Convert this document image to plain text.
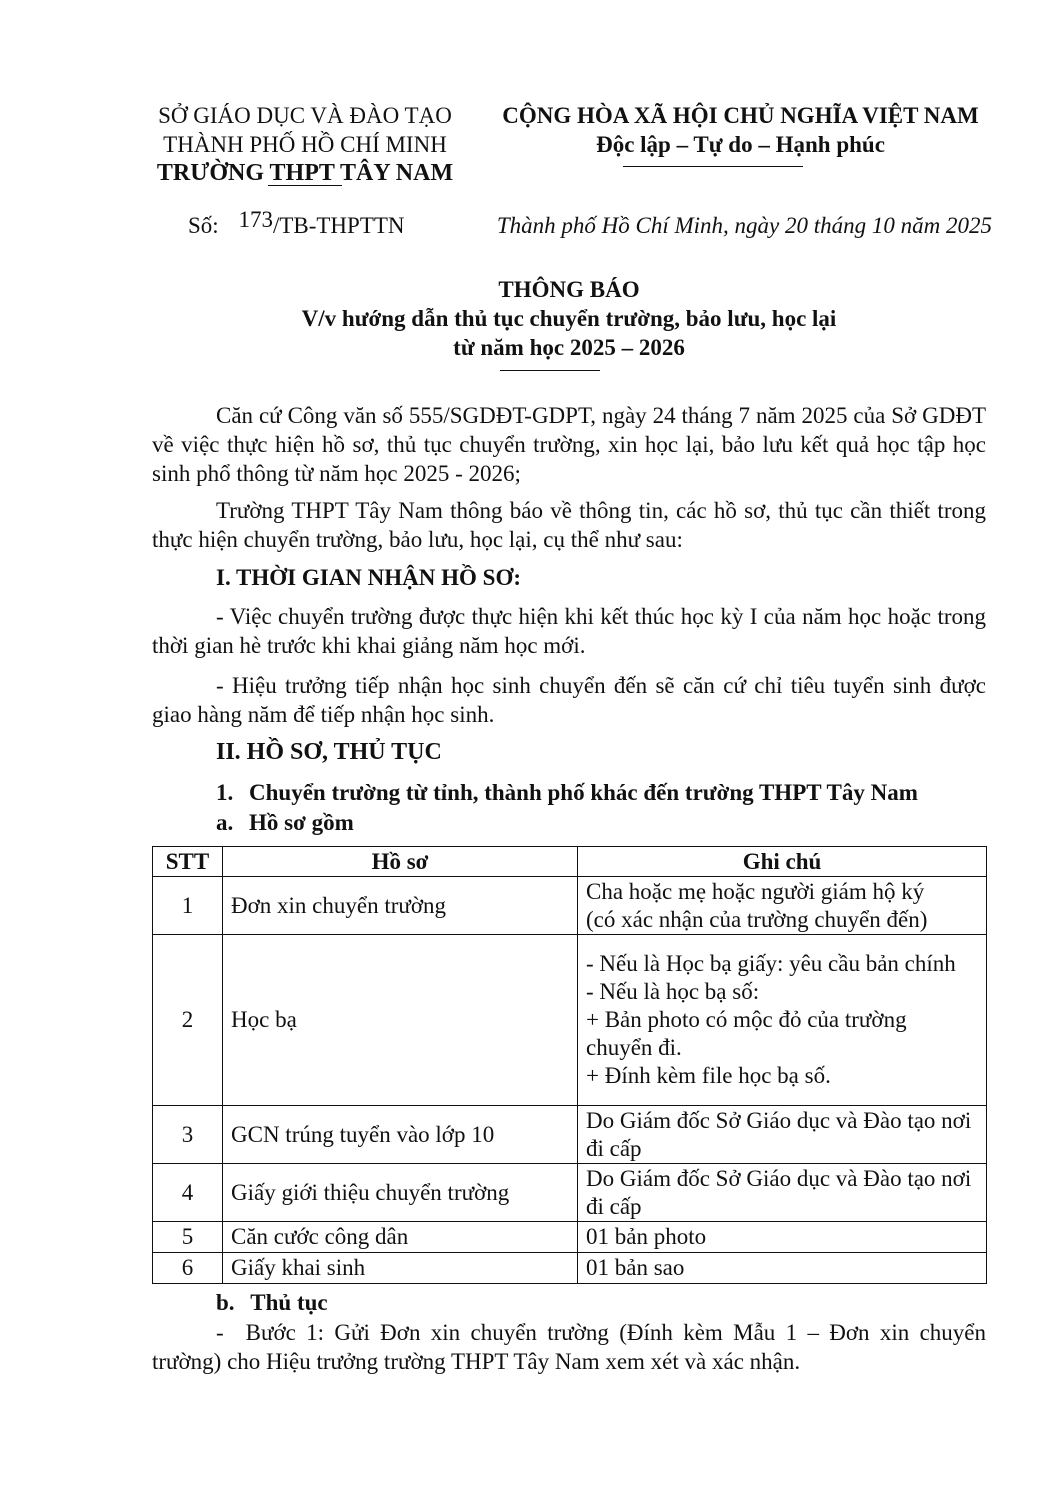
SỞ GIÁO DỤC VÀ ĐÀO TẠO
THÀNH PHỐ HỒ CHÍ MINH
TRƯỜNG THPT TÂY NAM
CỘNG HÒA XÃ HỘI CHỦ NGHĨA VIỆT NAM
Độc lập – Tự do – Hạnh phúc
Số: 173/TB-THPTTN	Thành phố Hồ Chí Minh, ngày 20 tháng 10 năm 2025
THÔNG BÁO
V/v hướng dẫn thủ tục chuyển trường, bảo lưu, học lại
từ năm học 2025 – 2026
Căn cứ Công văn số 555/SGDĐT-GDPT, ngày 24 tháng 7 năm 2025 của Sở GDĐT về việc thực hiện hồ sơ, thủ tục chuyển trường, xin học lại, bảo lưu kết quả học tập học sinh phổ thông từ năm học 2025 - 2026;
Trường THPT Tây Nam thông báo về thông tin, các hồ sơ, thủ tục cần thiết trong thực hiện chuyển trường, bảo lưu, học lại, cụ thể như sau:
I. THỜI GIAN NHẬN HỒ SƠ:
- Việc chuyển trường được thực hiện khi kết thúc học kỳ I của năm học hoặc trong thời gian hè trước khi khai giảng năm học mới.
- Hiệu trưởng tiếp nhận học sinh chuyển đến sẽ căn cứ chỉ tiêu tuyển sinh được giao hàng năm để tiếp nhận học sinh.
II. HỒ SƠ, THỦ TỤC
1. Chuyển trường từ tỉnh, thành phố khác đến trường THPT Tây Nam
a. Hồ sơ gồm
STT	Hồ sơ	Ghi chú
1	Đơn xin chuyển trường	Cha hoặc mẹ hoặc người giám hộ ký
(có xác nhận của trường chuyển đến)
2	Học bạ	- Nếu là Học bạ giấy: yêu cầu bản chính
- Nếu là học bạ số:
+ Bản photo có mộc đỏ của trường chuyển đi.
+ Đính kèm file học bạ số.
3	GCN trúng tuyển vào lớp 10	Do Giám đốc Sở Giáo dục và Đào tạo nơi đi cấp
4	Giấy giới thiệu chuyển trường	Do Giám đốc Sở Giáo dục và Đào tạo nơi đi cấp
5	Căn cước công dân	01 bản photo
6	Giấy khai sinh	01 bản sao
b. Thủ tục
- Bước 1: Gửi Đơn xin chuyển trường (Đính kèm Mẫu 1 – Đơn xin chuyển trường) cho Hiệu trưởng trường THPT Tây Nam xem xét và xác nhận.
